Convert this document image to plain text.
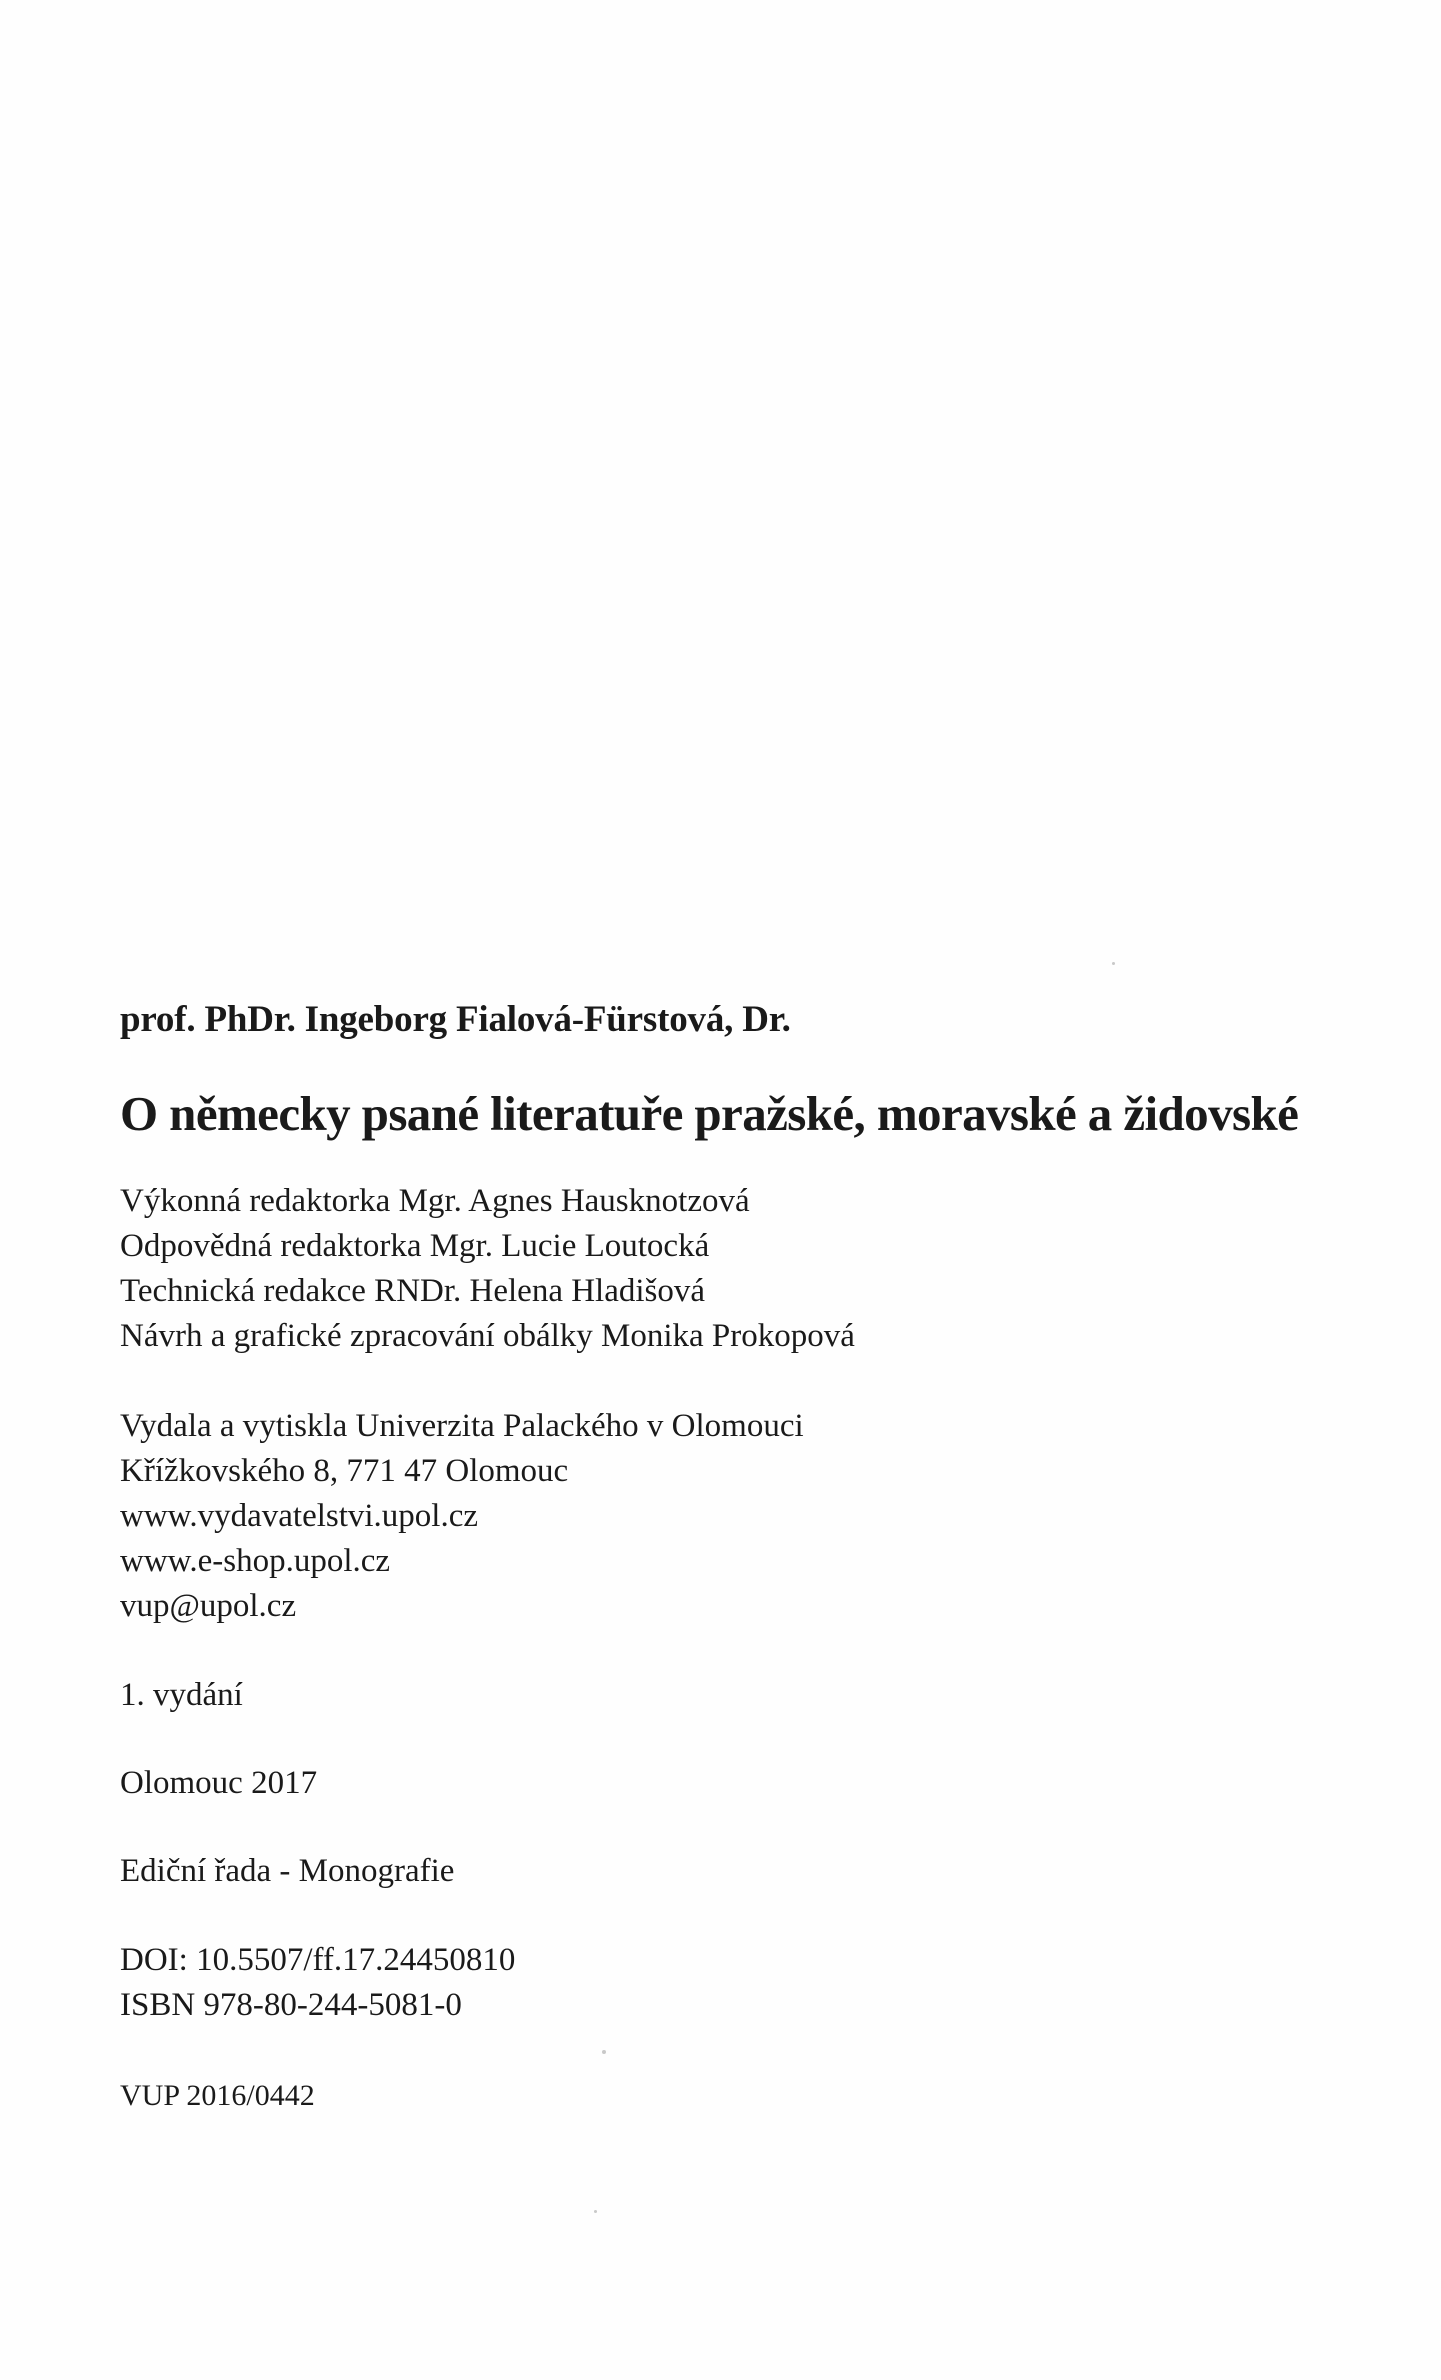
prof. PhDr. Ingeborg Fialová-Fürstová, Dr.

O německy psané literatuře pražské, moravské a židovské

Výkonná redaktorka Mgr. Agnes Hausknotzová
Odpovědná redaktorka Mgr. Lucie Loutocká
Technická redakce RNDr. Helena Hladišová
Návrh a grafické zpracování obálky Monika Prokopová
Vydala a vytiskla Univerzita Palackého v Olomouci
Křížkovského 8, 771 47 Olomouc
www.vydavatelstvi.upol.cz
www.e-shop.upol.cz
vup@upol.cz
1. vydání
Olomouc 2017
Ediční řada - Monografie
DOI: 10.5507/ff.17.24450810
ISBN 978-80-244-5081-0

VUP 2016/0442
